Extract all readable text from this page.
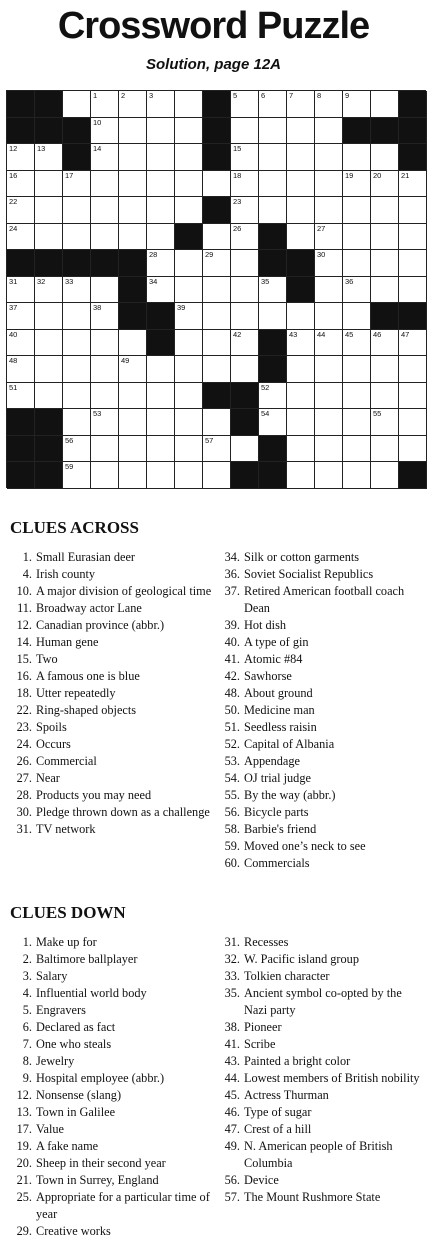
Crossword Puzzle
Solution, page 12A
1	2	3	5	6	7	8	9
10
12	13	14	15
16	17	18	19	20	21
22	23
24	26	27
28	29	30
31	32	33	34	35	36
37	38	39
40	42	43	44	45	46	47
48	49
51	52
53	54	55
56	57
59
CLUES ACROSS
1. Small Eurasian deer
4. Irish county
10. A major division of geological time
11. Broadway actor Lane
12. Canadian province (abbr.)
14. Human gene
15. Two
16. A famous one is blue
18. Utter repeatedly
22. Ring-shaped objects
23. Spoils
24. Occurs
26. Commercial
27. Near
28. Products you may need
30. Pledge thrown down as a challenge
31. TV network
34. Silk or cotton garments
36. Soviet Socialist Republics
37. Retired American football coach Dean
39. Hot dish
40. A type of gin
41. Atomic #84
42. Sawhorse
48. About ground
50. Medicine man
51. Seedless raisin
52. Capital of Albania
53. Appendage
54. OJ trial judge
55. By the way (abbr.)
56. Bicycle parts
58. Barbie's friend
59. Moved one’s neck to see
60. Commercials
CLUES DOWN
1. Make up for
2. Baltimore ballplayer
3. Salary
4. Influential world body
5. Engravers
6. Declared as fact
7. One who steals
8. Jewelry
9. Hospital employee (abbr.)
12. Nonsense (slang)
13. Town in Galilee
17. Value
19. A fake name
20. Sheep in their second year
21. Town in Surrey, England
25. Appropriate for a particular time of year
29. Creative works
31. Recesses
32. W. Pacific island group
33. Tolkien character
35. Ancient symbol co-opted by the Nazi party
38. Pioneer
41. Scribe
43. Painted a bright color
44. Lowest members of British nobility
45. Actress Thurman
46. Type of sugar
47. Crest of a hill
49. N. American people of British Columbia
56. Device
57. The Mount Rushmore State
